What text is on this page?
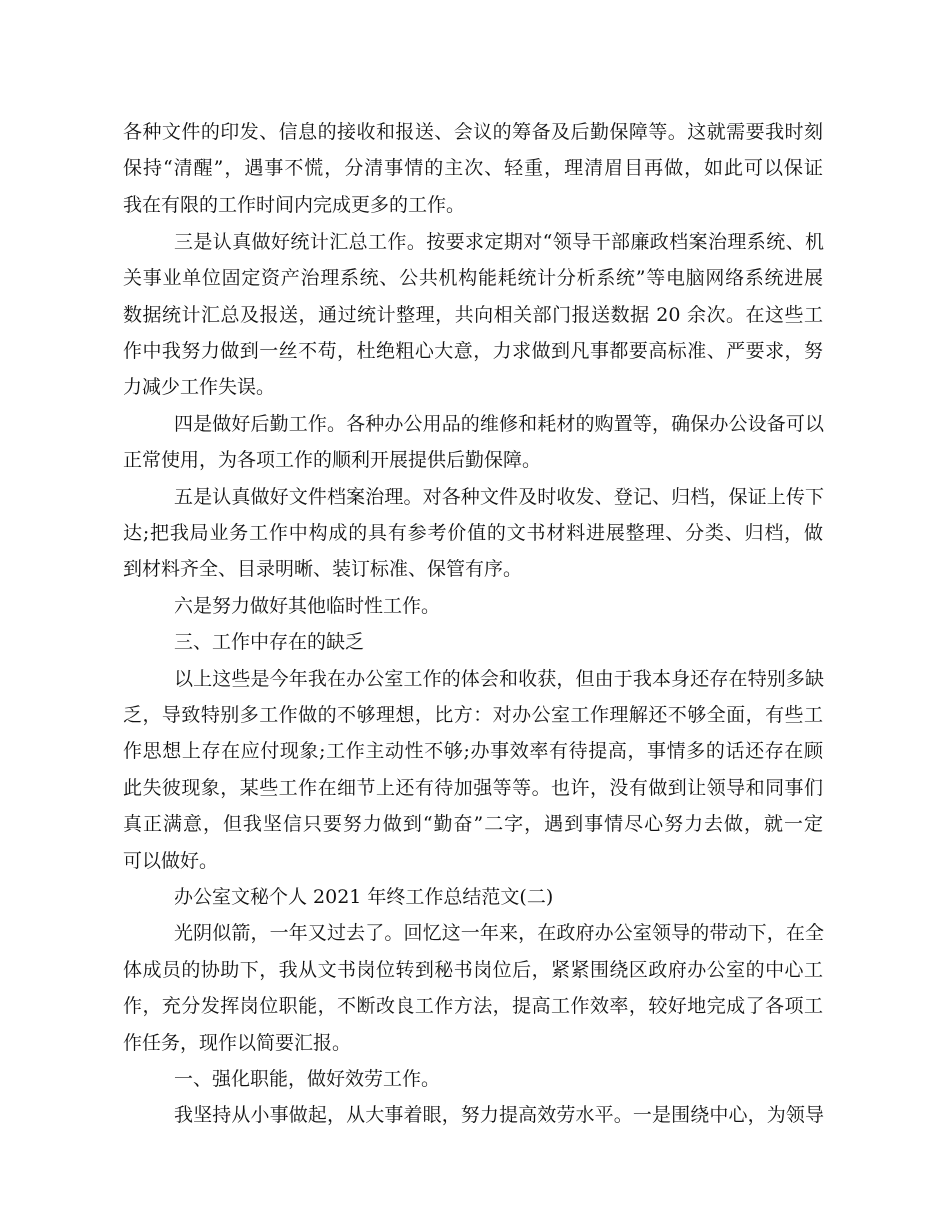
各种文件的印发、信息的接收和报送、会议的筹备及后勤保障等。这就需要我时刻
保持“清醒”，遇事不慌，分清事情的主次、轻重，理清眉目再做，如此可以保证
我在有限的工作时间内完成更多的工作。
三是认真做好统计汇总工作。按要求定期对“领导干部廉政档案治理系统、机
关事业单位固定资产治理系统、公共机构能耗统计分析系统”等电脑网络系统进展
数据统计汇总及报送，通过统计整理，共向相关部门报送数据 20 余次。在这些工
作中我努力做到一丝不苟，杜绝粗心大意，力求做到凡事都要高标准、严要求，努
力减少工作失误。
四是做好后勤工作。各种办公用品的维修和耗材的购置等，确保办公设备可以
正常使用，为各项工作的顺利开展提供后勤保障。
五是认真做好文件档案治理。对各种文件及时收发、登记、归档，保证上传下
达;把我局业务工作中构成的具有参考价值的文书材料进展整理、分类、归档，做
到材料齐全、目录明晰、装订标准、保管有序。
六是努力做好其他临时性工作。
三、工作中存在的缺乏
以上这些是今年我在办公室工作的体会和收获，但由于我本身还存在特别多缺
乏，导致特别多工作做的不够理想，比方：对办公室工作理解还不够全面，有些工
作思想上存在应付现象;工作主动性不够;办事效率有待提高，事情多的话还存在顾
此失彼现象，某些工作在细节上还有待加强等等。也许，没有做到让领导和同事们
真正满意，但我坚信只要努力做到“勤奋”二字，遇到事情尽心努力去做，就一定
可以做好。
办公室文秘个人 2021 年终工作总结范文(二)
光阴似箭，一年又过去了。回忆这一年来，在政府办公室领导的带动下，在全
体成员的协助下，我从文书岗位转到秘书岗位后，紧紧围绕区政府办公室的中心工
作，充分发挥岗位职能，不断改良工作方法，提高工作效率，较好地完成了各项工
作任务，现作以简要汇报。
一、强化职能，做好效劳工作。
我坚持从小事做起，从大事着眼，努力提高效劳水平。一是围绕中心，为领导
